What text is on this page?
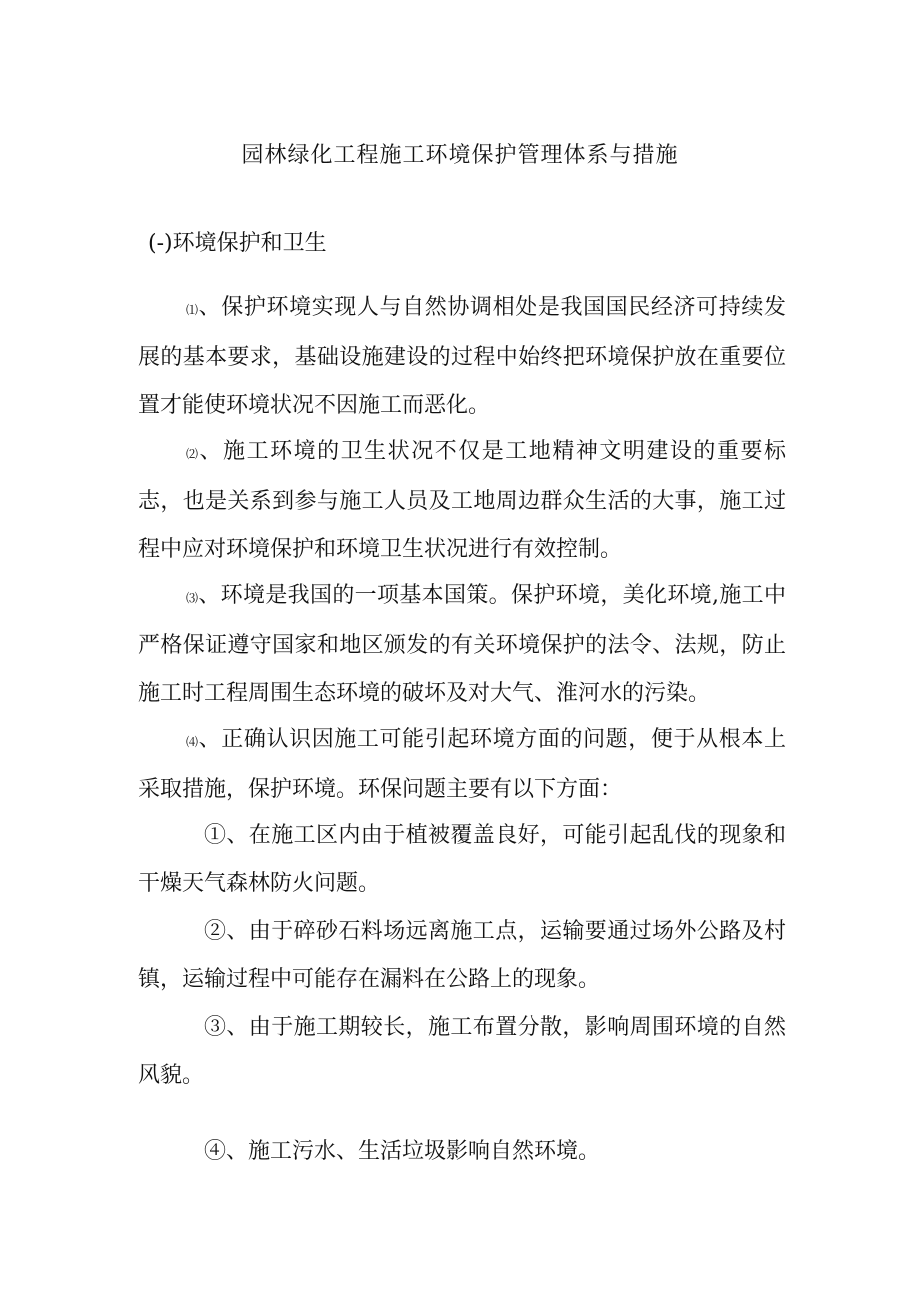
园林绿化工程施工环境保护管理体系与措施
(-)环境保护和卫生

⑴、保护环境实现人与自然协调相处是我国国民经济可持续发展的基本要求，基础设施建设的过程中始终把环境保护放在重要位置才能使环境状况不因施工而恶化。

⑵、施工环境的卫生状况不仅是工地精神文明建设的重要标志，也是关系到参与施工人员及工地周边群众生活的大事，施工过程中应对环境保护和环境卫生状况进行有效控制。

⑶、环境是我国的一项基本国策。保护环境，美化环境,施工中严格保证遵守国家和地区颁发的有关环境保护的法令、法规，防止施工时工程周围生态环境的破坏及对大气、淮河水的污染。

⑷、正确认识因施工可能引起环境方面的问题，便于从根本上采取措施，保护环境。环保问题主要有以下方面：

①、在施工区内由于植被覆盖良好，可能引起乱伐的现象和干燥天气森林防火问题。

②、由于碎砂石料场远离施工点，运输要通过场外公路及村镇，运输过程中可能存在漏料在公路上的现象。

③、由于施工期较长，施工布置分散，影响周围环境的自然风貌。

④、施工污水、生活垃圾影响自然环境。
